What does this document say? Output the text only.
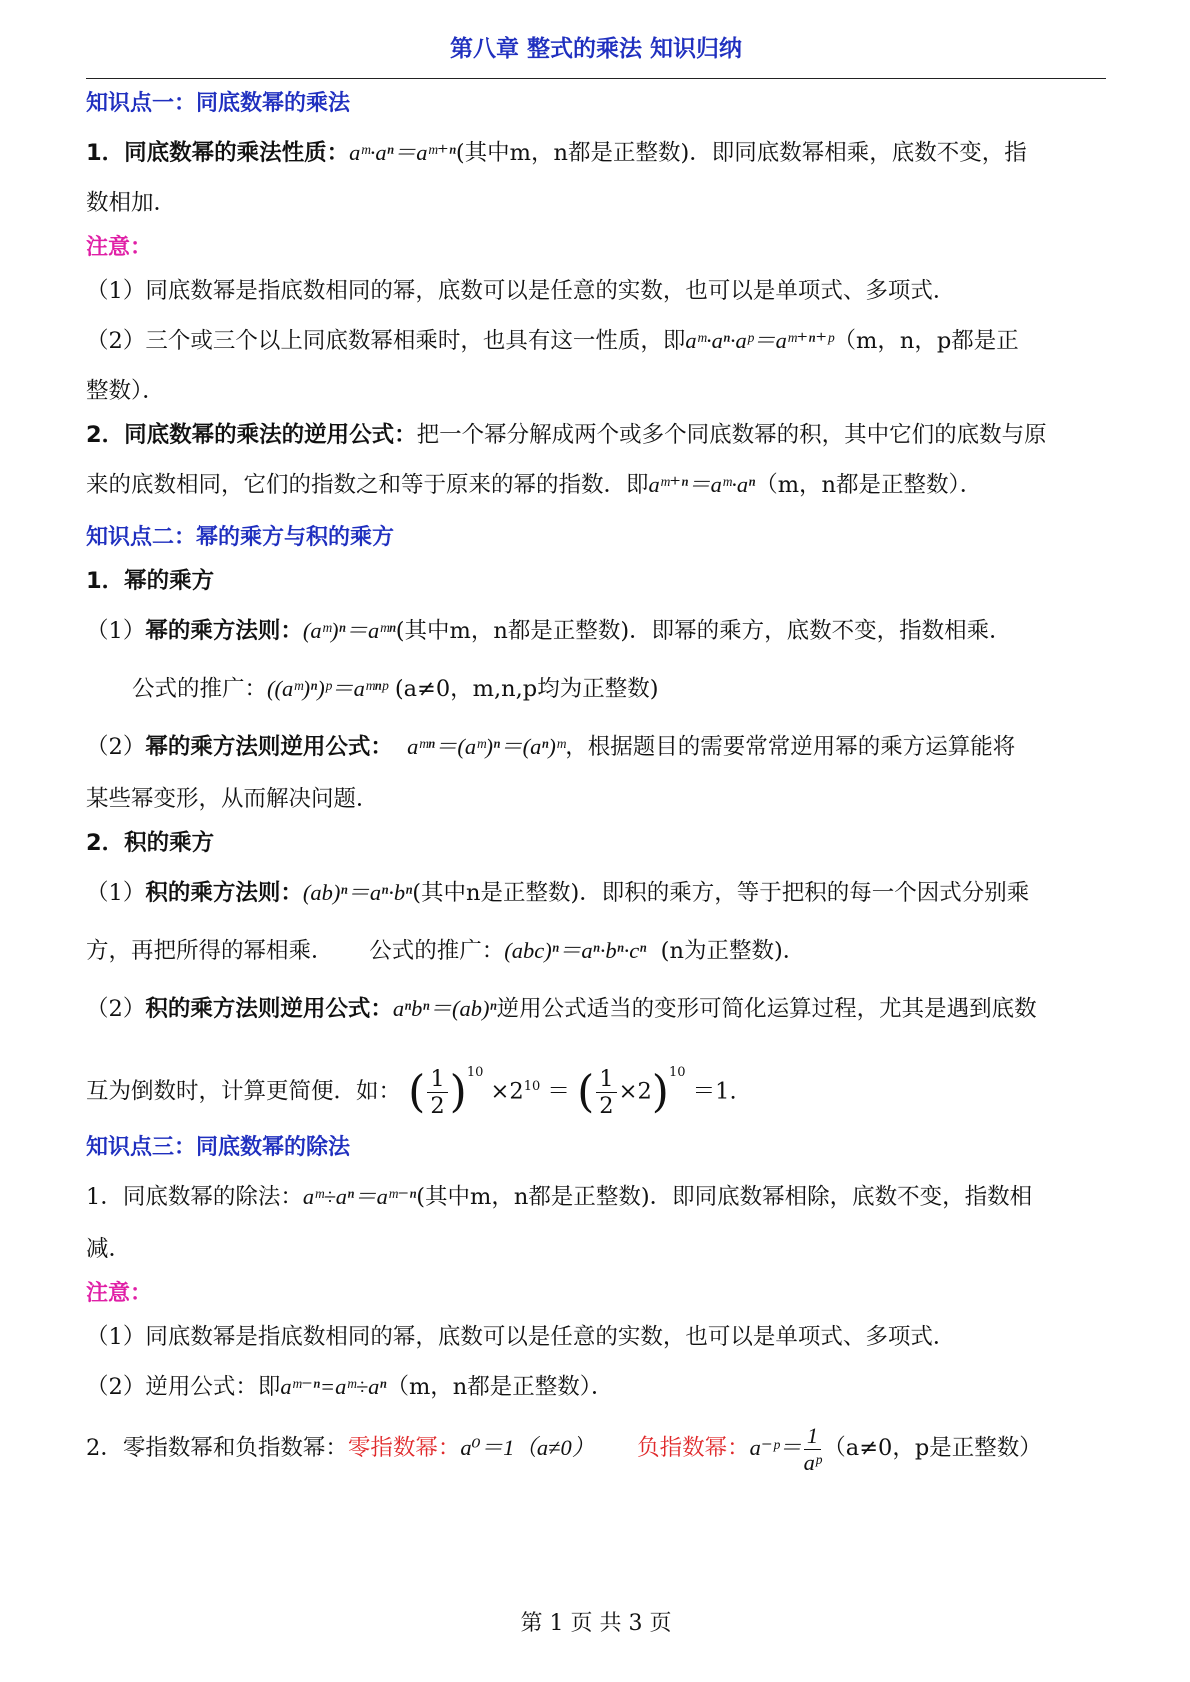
第八章 整式的乘法 知识归纳
知识点一：同底数幂的乘法
1．同底数幂的乘法性质：aᵐ·aⁿ＝aᵐ⁺ⁿ(其中m，n都是正整数)．即同底数幂相乘，底数不变，指
数相加．
注意：
（1）同底数幂是指底数相同的幂，底数可以是任意的实数，也可以是单项式、多项式．
（2）三个或三个以上同底数幂相乘时，也具有这一性质，即aᵐ·aⁿ·aᵖ＝aᵐ⁺ⁿ⁺ᵖ（m，n，p都是正
整数）．
2．同底数幂的乘法的逆用公式：把一个幂分解成两个或多个同底数幂的积，其中它们的底数与原
来的底数相同，它们的指数之和等于原来的幂的指数．即aᵐ⁺ⁿ＝aᵐ·aⁿ（m，n都是正整数）．
知识点二：幂的乘方与积的乘方
1．幂的乘方
（1）幂的乘方法则：(aᵐ)ⁿ＝aᵐⁿ(其中m，n都是正整数)．即幂的乘方，底数不变，指数相乘．
公式的推广：((aᵐ)ⁿ)ᵖ＝aᵐⁿᵖ (a≠0，m,n,p均为正整数)
（2）幂的乘方法则逆用公式： aᵐⁿ＝(aᵐ)ⁿ＝(aⁿ)ᵐ，根据题目的需要常常逆用幂的乘方运算能将
某些幂变形，从而解决问题．
2．积的乘方
（1）积的乘方法则：(ab)ⁿ＝aⁿ·bⁿ(其中n是正整数)．即积的乘方，等于把积的每一个因式分别乘
方，再把所得的幂相乘． 公式的推广：(abc)ⁿ＝aⁿ·bⁿ·cⁿ (n为正整数)．
（2）积的乘方法则逆用公式：aⁿbⁿ＝(ab)ⁿ逆用公式适当的变形可简化运算过程，尤其是遇到底数
互为倒数时，计算更简便．如： ( $\frac{1}{2} )^{10} \times 2^{10}$ ＝ ( $\frac{1}{2} \times 2)^{10} =1$.
知识点三：同底数幂的除法
1．同底数幂的除法：aᵐ÷aⁿ＝aᵐ⁻ⁿ(其中m，n都是正整数)．即同底数幂相除，底数不变，指数相
减．
注意：
（1）同底数幂是指底数相同的幂，底数可以是任意的实数，也可以是单项式、多项式．
（2）逆用公式：即aᵐ⁻ⁿ=aᵐ÷aⁿ（m，n都是正整数）．
2．零指数幂和负指数幂：零指数幂：a⁰＝1（a≠0） 负指数幂：a⁻ᵖ＝ $\frac{1}{\text{aᵖ}} (a\ne 0$，p是正整数）
第 1 页 共 3 页
